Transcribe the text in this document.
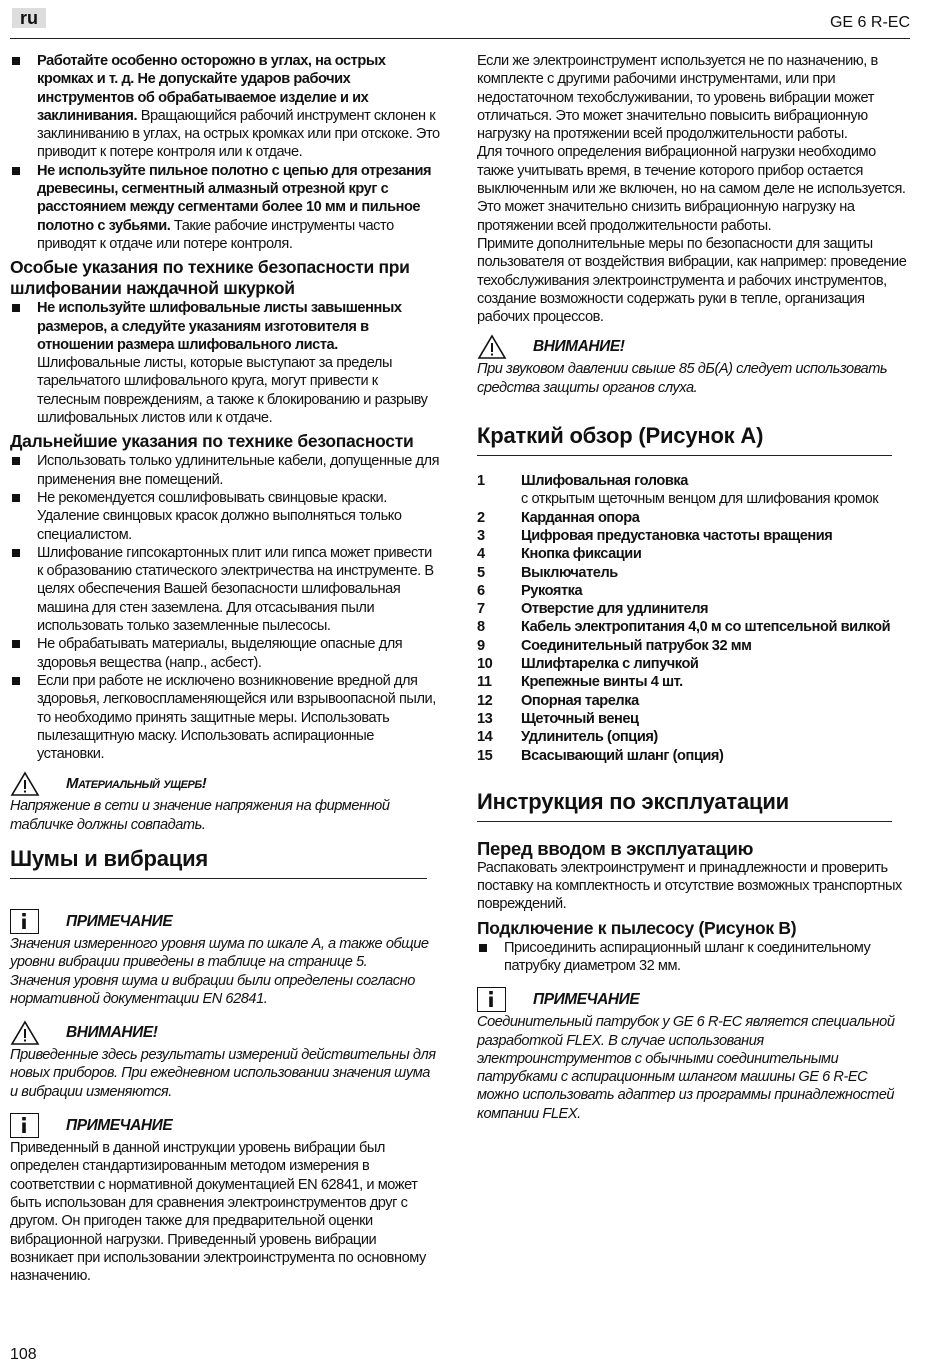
ru	GE 6 R-EC
Работайте особенно осторожно в углах, на острых кромках и т. д. Не допускайте ударов рабочих инструментов об обрабатываемое изделие и их заклинивания. Вращающийся рабочий инструмент склонен к заклиниванию в углах, на острых кромках или при отскоке. Это приводит к потере контроля или к отдаче.
Не используйте пильное полотно с цепью для отрезания древесины, сегментный алмазный отрезной круг с расстоянием между сегментами более 10 мм и пильное полотно с зубьями. Такие рабочие инструменты часто приводят к отдаче или потере контроля.

Особые указания по технике безопасности при шлифовании наждачной шкуркой

Не используйте шлифовальные листы завышенных размеров, а следуйте указаниям изготовителя в отношении размера шлифовального листа. Шлифовальные листы, которые выступают за пределы тарельчатого шлифовального круга, могут привести к телесным повреждениям, а также к блокированию и разрыву шлифовальных листов или к отдаче.

Дальнейшие указания по технике безопасности

Использовать только удлинительные кабели, допущенные для применения вне помещений.
Не рекомендуется сошлифовывать свинцовые краски. Удаление свинцовых красок должно выполняться только специалистом.
Шлифование гипсокартонных плит или гипса может привести к образованию статического электричества на инструменте. В целях обеспечения Вашей безопасности шлифовальная машина для стен заземлена. Для отсасывания пыли использовать только заземленные пылесосы.
Не обрабатывать материалы, выделяющие опасные для здоровья вещества (напр., асбест).
Если при работе не исключено возникновение вредной для здоровья, легковоспламеняющейся или взрывоопасной пыли, то необходимо принять защитные меры. Использовать пылезащитную маску. Использовать аспирационные установки.
Материальный ущерб!

Напряжение в сети и значение напряжения на фирменной табличке должны совпадать.

Шумы и вибрация

ПРИМЕЧАНИЕ

Значения измеренного уровня шума по шкале А, а также общие уровни вибрации приведены в таблице на странице 5.

Значения уровня шума и вибрации были определены согласно нормативной документации EN 62841.

ВНИМАНИЕ!

Приведенные здесь результаты измерений действительны для новых приборов. При ежедневном использовании значения шума и вибрации изменяются.

ПРИМЕЧАНИЕ

Приведенный в данной инструкции уровень вибрации был определен стандартизированным методом измерения в соответствии с нормативной документацией EN 62841, и может быть использован для сравнения электроинструментов друг с другом. Он пригоден также для предварительной оценки вибрационной нагрузки. Приведенный уровень вибрации возникает при использовании электроинструмента по основному назначению.

Если же электроинструмент используется не по назначению, в комплекте с другими рабочими инструментами, или при недостаточном техобслуживании, то уровень вибрации может отличаться. Это может значительно повысить вибрационную нагрузку на протяжении всей продолжительности работы.

Для точного определения вибрационной нагрузки необходимо также учитывать время, в течение которого прибор остается выключенным или же включен, но на самом деле не используется.

Это может значительно снизить вибрационную нагрузку на протяжении всей продолжительности работы.

Примите дополнительные меры по безопасности для защиты пользователя от воздействия вибрации, как например: проведение техобслуживания электроинструмента и рабочих инструментов, создание возможности содержать руки в тепле, организация рабочих процессов.

ВНИМАНИЕ!

При звуковом давлении свыше 85 дБ(А) следует использовать средства защиты органов слуха.

Краткий обзор (Рисунок A)

1	Шлифовальная головка
с открытым щеточным венцом для шлифования кромок
2	Карданная опора
3	Цифровая предустановка частоты вращения
4	Кнопка фиксации
5	Выключатель
6	Рукоятка
7	Отверстие для удлинителя
8	Кабель электропитания 4,0 м со штепсельной вилкой
9	Соединительный патрубок 32 мм
10	Шлифтарелка с липучкой
11	Крепежные винты 4 шт.
12	Опорная тарелка
13	Щеточный венец
14	Удлинитель (опция)
15	Всасывающий шланг (опция)

Инструкция по эксплуатации

Перед вводом в эксплуатацию

Распаковать электроинструмент и принадлежности и проверить поставку на комплектность и отсутствие возможных транспортных повреждений.

Подключение к пылесосу (Рисунок B)

Присоединить аспирационный шланг к соединительному патрубку диаметром 32 мм.
ПРИМЕЧАНИЕ

Соединительный патрубок у GE 6 R-EC является специальной разработкой FLEX. В случае использования электроинструментов с обычными соединительными патрубками с аспирационным шлангом машины GE 6 R-EC можно использовать адаптер из программы принадлежностей компании FLEX.

108
